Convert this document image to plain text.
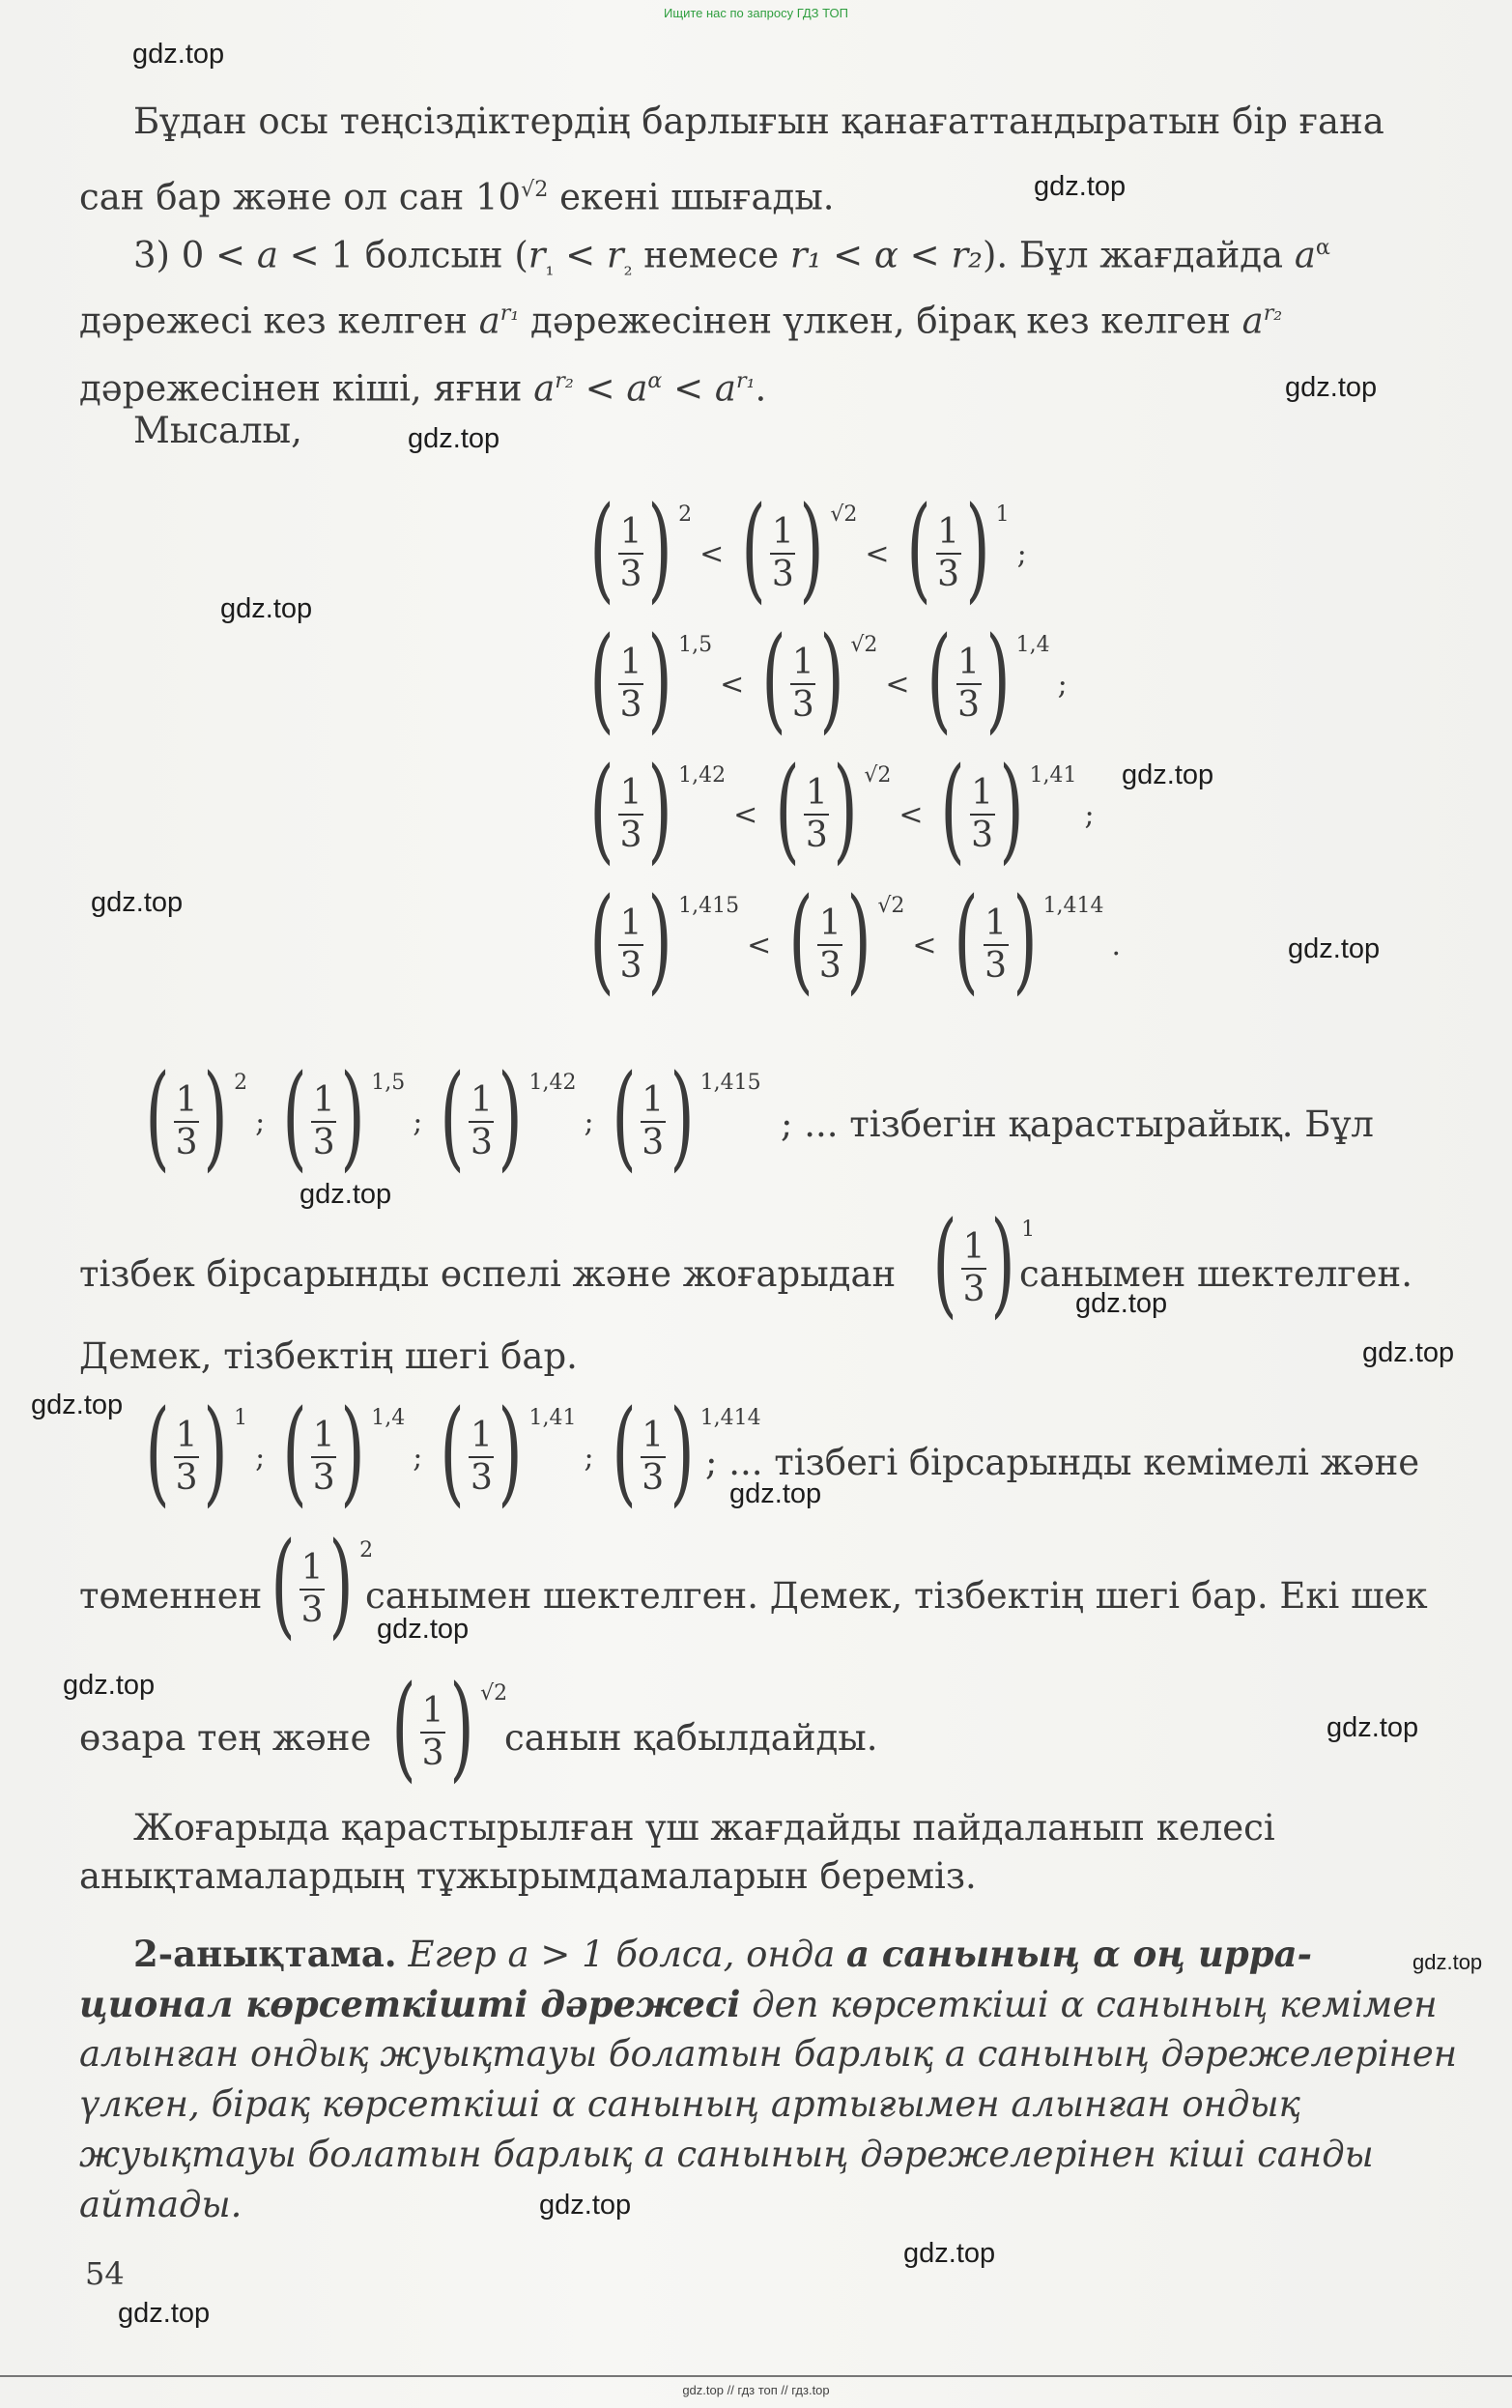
Ищите нас по запросу ГДЗ ТОП
Бұдан осы теңсіздіктердің барлығын қанағаттандыратын бір ғана
сан бар және ол сан $10^{√2}$ екені шығады.
3) 0 < a < 1 болсын ($r_{_1} < r_{_2}$ немесе r₁ < α < r₂). Бұл жағдайда $a^\alpha$
дәрежесі кез келген $a^{r_1}$ дәрежесінен үлкен, бірақ кез келген $a^{r_2}$
дәрежесінен кіші, яғни $a^{r_2} < a^\alpha < a^{r_1}$.
Мысалы,
( $\frac{1}{3}$ ) 2
< ( $\frac{1}{3}$ ) √2
< ( $\frac{1}{3}$ ) 1
;
( $\frac{1}{3}$ ) 1,5
< ( $\frac{1}{3}$ ) √2
< ( $\frac{1}{3}$ ) 1,4
;
( $\frac{1}{3}$ ) 1,42
< ( $\frac{1}{3}$ ) √2
< ( $\frac{1}{3}$ ) 1,41
;
( $\frac{1}{3}$ ) 1,415
< ( $\frac{1}{3}$ ) √2
< ( $\frac{1}{3}$ ) 1,414
.
( $\frac{1}{3}$ ) 2
; ( $\frac{1}{3}$ ) 1,5
; ( $\frac{1}{3}$ ) 1,42
; ( $\frac{1}{3}$ ) 1,415
; ... тізбегін қарастырайық. Бұл
тізбек бірсарынды өспелі және жоғарыдан ( $\frac{1}{3}$ ) 1
санымен шектелген.
Демек, тізбектің шегі бар.
( $\frac{1}{3}$ ) 1
; ( $\frac{1}{3}$ ) 1,4
; ( $\frac{1}{3}$ ) 1,41
; ( $\frac{1}{3}$ ) 1,414
; ... тізбегі бірсарынды кемімелі және
төменнен ( $\frac{1}{3}$ ) 2
санымен шектелген. Демек, тізбектің шегі бар. Екі шек
өзара тең және ( $\frac{1}{3}$ ) √2
санын қабылдайды.
Жоғарыда қарастырылған үш жағдайды пайдаланып келесі
анықтамалардың тұжырымдамаларын береміз.
2-анықтама. Егер a > 1 болса, онда a санының α оң ирра-
ционал көрсеткішті дәрежесі деп көрсеткіші α санының кемімен
алынған ондық жуықтауы болатын барлық a санының дәрежелерінен
үлкен, бірақ көрсеткіші α санының артығымен алынған ондық
жуықтауы болатын барлық a санының дәрежелерінен кіші санды
айтады.
54
gdz.top
gdz.top
gdz.top
gdz.top
gdz.top
gdz.top
gdz.top
gdz.top
gdz.top
gdz.top
gdz.top
gdz.top
gdz.top
gdz.top
gdz.top
gdz.top
gdz.top
gdz.top
gdz.top
gdz.top
gdz.top // гдз топ // гдз.top
